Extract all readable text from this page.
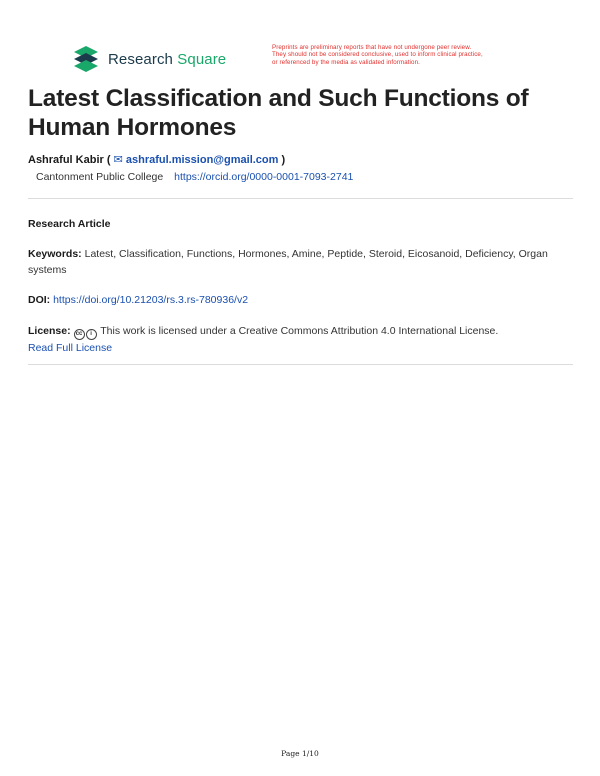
Research Square
Preprints are preliminary reports that have not undergone peer review.
They should not be considered conclusive, used to inform clinical practice,
or referenced by the media as validated information.
Latest Classification and Such Functions of Human Hormones
Ashraful Kabir ( ✉ ashraful.mission@gmail.com )
Cantonment Public College https://orcid.org/0000-0001-7093-2741
Research Article
Keywords: Latest, Classification, Functions, Hormones, Amine, Peptide, Steroid, Eicosanoid, Deficiency, Organ systems
DOI: https://doi.org/10.21203/rs.3.rs-780936/v2
License: cc i This work is licensed under a Creative Commons Attribution 4.0 International License.
Read Full License
Page 1/10
